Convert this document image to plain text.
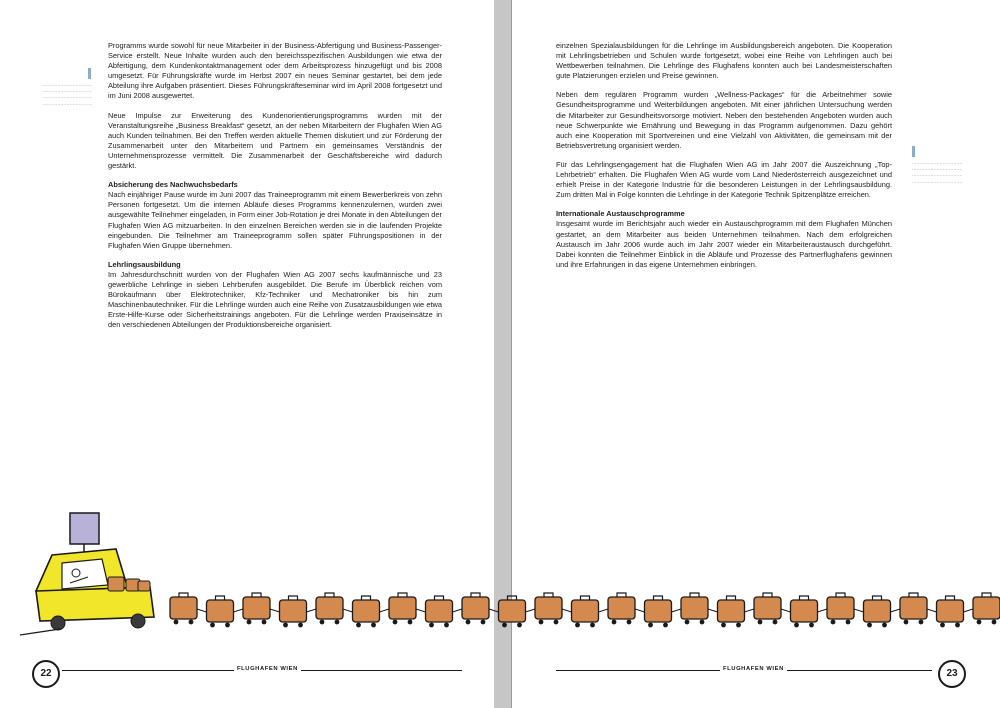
…………………………… …………………………… …………………………… ……………………………

Programms wurde sowohl für neue Mitarbeiter in der Business-Abfertigung und Business-Passenger-Service erstellt. Neue Inhalte wurden auch den bereichsspezifischen Ausbildungen wie etwa der Abfertigung, dem Kundenkontaktmanagement oder dem Arbeitsprozess hinzugefügt und bis 2008 umgesetzt. Für Führungskräfte wurde im Herbst 2007 ein neues Seminar gestartet, bei dem jede Abteilung ihre Aufgaben präsentiert. Dieses Führungskräfteseminar wird im April 2008 fortgesetzt und im Juni 2008 ausgewertet.

Neue Impulse zur Erweiterung des Kundenorientierungsprogramms wurden mit der Veranstaltungsreihe „Business Breakfast“ gesetzt, an der neben Mitarbeitern der Flughafen Wien AG auch Kunden teilnahmen. Bei den Treffen werden aktuelle Themen diskutiert und zur Förderung der Zusammenarbeit unter den Mitarbeitern und Partnern ein gemeinsames Verständnis der Unternehmensprozesse vermittelt. Die Zusammenarbeit der Geschäftsbereiche wird dadurch gestärkt.

Absicherung des Nachwuchsbedarfs

Nach einjähriger Pause wurde im Juni 2007 das Traineeprogramm mit einem Bewerberkreis von zehn Personen fortgesetzt. Um die internen Abläufe dieses Programms kennenzulernen, wurden zwei ausgewählte Teilnehmer eingeladen, in Form einer Job-Rotation je drei Monate in den Abteilungen der Flughafen Wien AG mitzuarbeiten. In den einzelnen Bereichen werden sie in die laufenden Projekte eingebunden. Die Teilnehmer am Traineeprogramm sollen später Führungspositionen in der Flughafen Wien Gruppe übernehmen.

Lehrlingsausbildung

Im Jahresdurchschnitt wurden von der Flughafen Wien AG 2007 sechs kaufmännische und 23 gewerbliche Lehrlinge in sieben Lehrberufen ausgebildet. Die Berufe im Überblick reichen vom Bürokaufmann über Elektrotechniker, Kfz-Techniker und Mechatroniker bis hin zum Maschinenbautechniker. Für die Lehrlinge wurden auch eine Reihe von Zusatzausbildungen wie etwa Erste-Hilfe-Kurse oder Sicherheitstrainings angeboten. Für die Lehrlinge werden Praxiseinsätze in den verschiedenen Abteilungen der Produktionsbereiche organisiert.

…………………………… …………………………… …………………………… ……………………………

einzelnen Spezialausbildungen für die Lehrlinge im Ausbildungsbereich angeboten. Die Kooperation mit Lehrlingsbetrieben und Schulen wurde fortgesetzt, wobei eine Reihe von Lehrlingen auch bei Wettbewerben teilnahmen. Die Lehrlinge des Flughafens konnten auch bei Landesmeisterschaften gute Platzierungen erzielen und Preise gewinnen.

Neben dem regulären Programm wurden „Wellness-Packages“ für die Arbeitnehmer sowie Gesundheitsprogramme und Weiterbildungen angeboten. Mit einer jährlichen Untersuchung werden die Mitarbeiter zur Gesundheitsvorsorge motiviert. Neben den bestehenden Angeboten wurden auch neue Schwerpunkte wie Ernährung und Bewegung in das Programm aufgenommen. Dazu gehört auch eine Kooperation mit Sportvereinen und eine Vielzahl von Aktivitäten, die gemeinsam mit der Betriebsvertretung organisiert werden.

Für das Lehrlingsengagement hat die Flughafen Wien AG im Jahr 2007 die Auszeichnung „Top-Lehrbetrieb“ erhalten. Die Flughafen Wien AG wurde vom Land Niederösterreich ausgezeichnet und erhielt Preise in der Kategorie Industrie für die besonderen Leistungen in der Lehrlingsausbildung. Zum dritten Mal in Folge konnten die Lehrlinge in der Kategorie Technik Spitzenplätze erreichen.

Internationale Austauschprogramme

Insgesamt wurde im Berichtsjahr auch wieder ein Austauschprogramm mit dem Flughafen München gestartet, an dem Mitarbeiter aus beiden Unternehmen teilnahmen. Nach dem erfolgreichen Austausch im Jahr 2006 wurde auch im Jahr 2007 wieder ein Mitarbeiteraustausch durchgeführt. Dabei konnten die Teilnehmer Einblick in die Abläufe und Prozesse des Partnerflughafens gewinnen und ihre Erfahrungen in das eigene Unternehmen einbringen.

FLUGHAFEN WIEN
22	FLUGHAFEN WIEN	23
